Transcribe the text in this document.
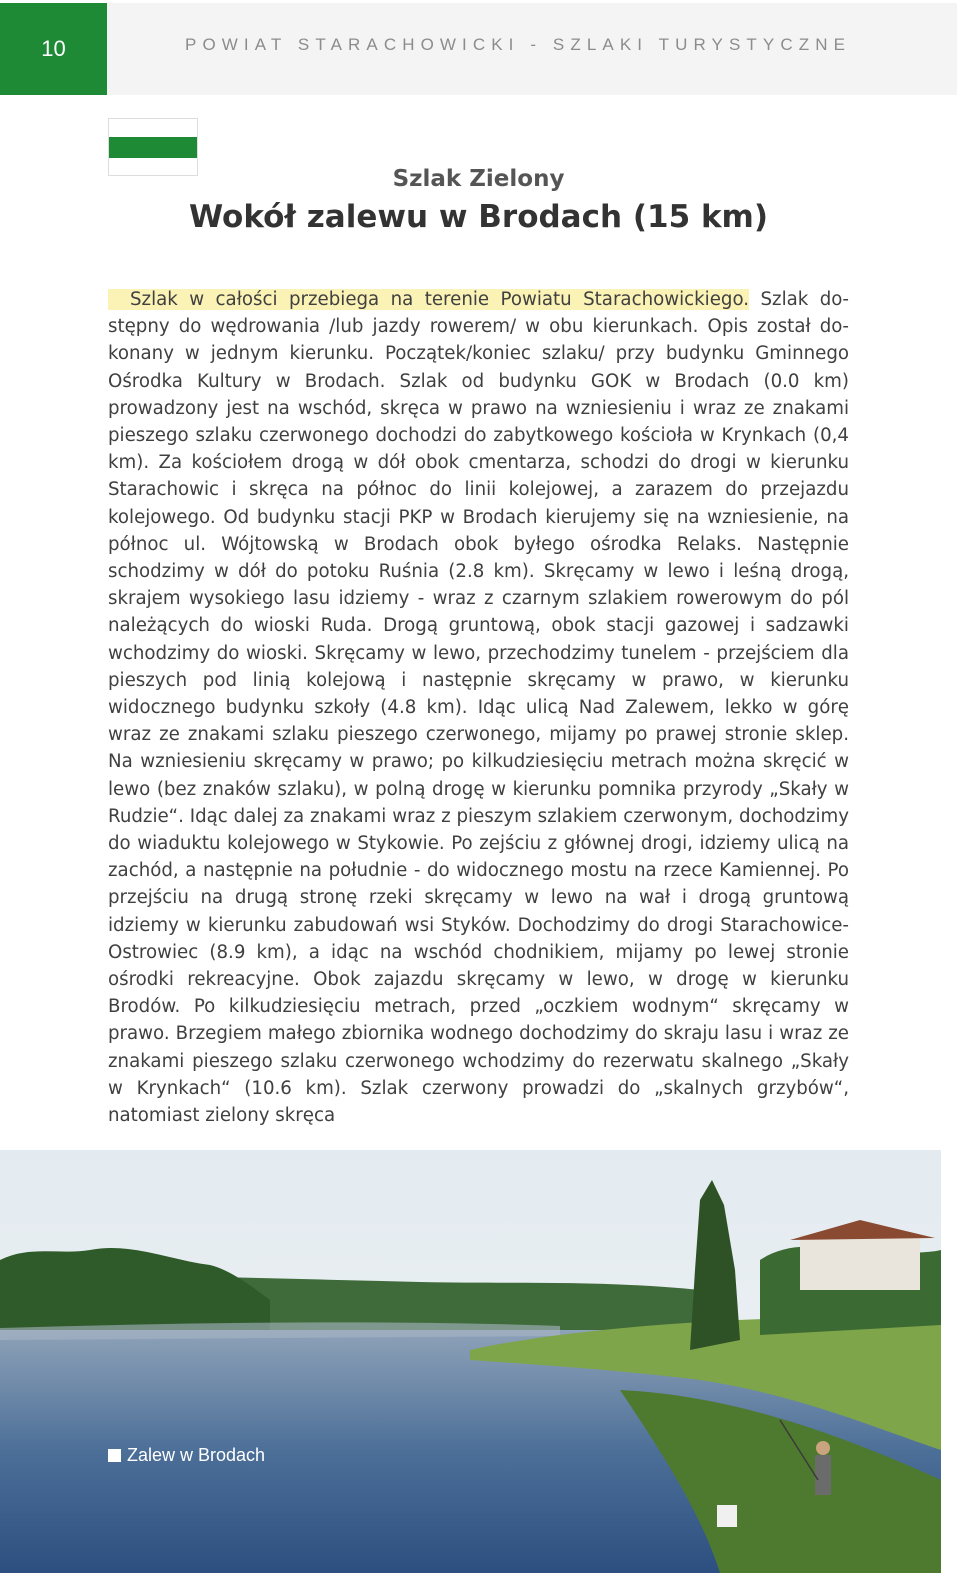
10	POWIAT STARACHOWICKI - SZLAKI TURYSTYCZNE
Szlak Zielony
Wokół zalewu w Brodach (15 km)
Szlak w całości przebiega na terenie Powiatu Starachowickiego. Szlak dostępny do wędrowania /lub jazdy rowerem/ w obu kierunkach. Opis został dokonany w jednym kierunku. Początek/koniec szlaku/ przy budynku Gminnego Ośrodka Kultury w Brodach. Szlak od budynku GOK w Brodach (0.0 km) prowadzony jest na wschód, skręca w prawo na wzniesieniu i wraz ze znakami pieszego szlaku czerwonego dochodzi do zabytkowego kościoła w Krynkach (0,4 km). Za kościołem drogą w dół obok cmentarza, schodzi do drogi w kierunku Starachowic i skręca na północ do linii kolejowej, a zarazem do przejazdu kolejowego. Od budynku stacji PKP w Brodach kierujemy się na wzniesienie, na północ ul. Wójtowską w Brodach obok byłego ośrodka Relaks. Następnie schodzimy w dół do potoku Ruśnia (2.8 km). Skręcamy w lewo i leśną drogą, skrajem wysokiego lasu idziemy - wraz z czarnym szlakiem rowerowym do pól należących do wioski Ruda. Drogą gruntową, obok stacji gazowej i sadzawki wchodzimy do wioski. Skręcamy w lewo, przechodzimy tunelem - przejściem dla pieszych pod linią kolejową i następnie skręcamy w prawo, w kierunku widocznego budynku szkoły (4.8 km). Idąc ulicą Nad Zalewem, lekko w górę wraz ze znakami szlaku pieszego czerwonego, mijamy po prawej stronie sklep. Na wzniesieniu skręcamy w prawo; po kilkudziesięciu metrach można skręcić w lewo (bez znaków szlaku), w polną drogę w kierunku pomnika przyrody „Skały w Rudzie“. Idąc dalej za znakami wraz z pieszym szlakiem czerwonym, dochodzimy do wiaduktu kolejowego w Stykowie. Po zejściu z głównej drogi, idziemy ulicą na zachód, a następnie na południe - do widocznego mostu na rzece Kamiennej. Po przejściu na drugą stronę rzeki skręcamy w lewo na wał i drogą gruntową idziemy w kierunku zabudowań wsi Styków. Dochodzimy do drogi Starachowice-Ostrowiec (8.9 km), a idąc na wschód chodnikiem, mijamy po lewej stronie ośrodki rekreacyjne. Obok zajazdu skręcamy w lewo, w drogę w kierunku Brodów. Po kilkudziesięciu metrach, przed „oczkiem wodnym“ skręcamy w prawo. Brzegiem małego zbiornika wodnego dochodzimy do skraju lasu i wraz ze znakami pieszego szlaku czerwonego wchodzimy do rezerwatu skalnego „Skały w Krynkach“ (10.6 km). Szlak czerwony prowadzi do „skalnych grzybów“, natomiast zielony skręca
Zalew w Brodach
